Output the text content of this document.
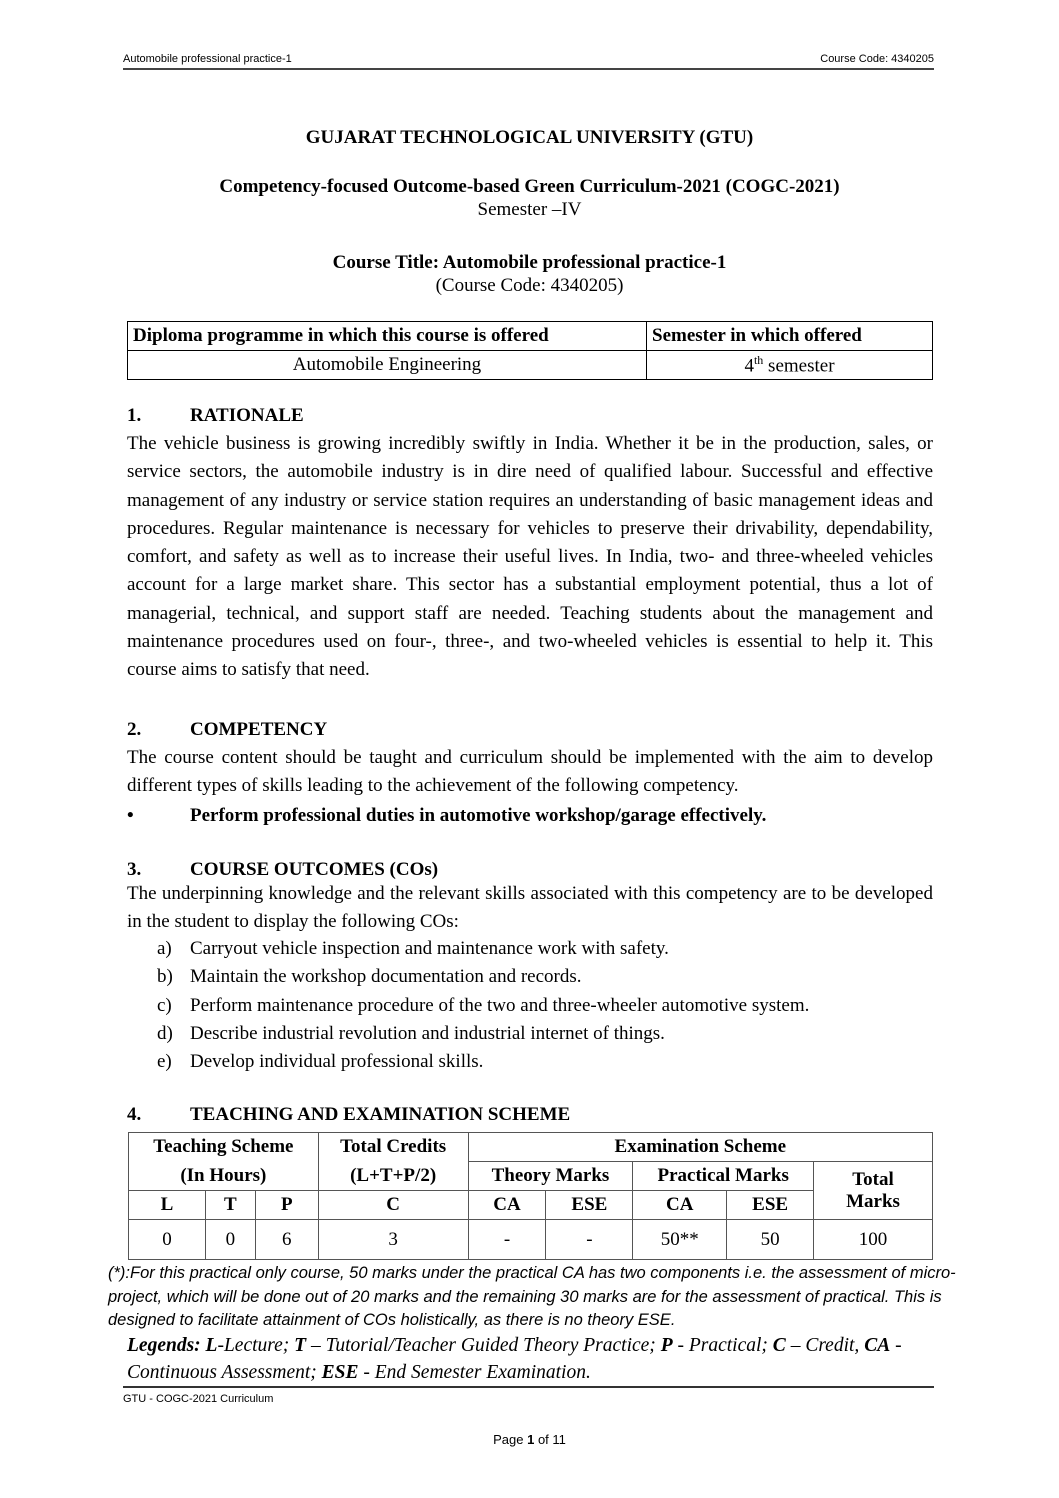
Automobile professional practice-1	Course Code: 4340205
GUJARAT TECHNOLOGICAL UNIVERSITY (GTU)
Competency-focused Outcome-based Green Curriculum-2021 (COGC-2021)
Semester –IV
Course Title: Automobile professional practice-1
(Course Code: 4340205)
Diploma programme in which this course is offered	Semester in which offered
Automobile Engineering	4th semester
1.	RATIONALE
The vehicle business is growing incredibly swiftly in India. Whether it be in the production, sales, or service sectors, the automobile industry is in dire need of qualified labour. Successful and effective management of any industry or service station requires an understanding of basic management ideas and procedures. Regular maintenance is necessary for vehicles to preserve their drivability, dependability, comfort, and safety as well as to increase their useful lives. In India, two- and three-wheeled vehicles account for a large market share. This sector has a substantial employment potential, thus a lot of managerial, technical, and support staff are needed. Teaching students about the management and maintenance procedures used on four-, three-, and two-wheeled vehicles is essential to help it. This course aims to satisfy that need.
2.	COMPETENCY
The course content should be taught and curriculum should be implemented with the aim to develop different types of skills leading to the achievement of the following competency.
•	Perform professional duties in automotive workshop/garage effectively.
3.	COURSE OUTCOMES (COs)
The underpinning knowledge and the relevant skills associated with this competency are to be developed in the student to display the following COs:
a) Carryout vehicle inspection and maintenance work with safety.
b) Maintain the workshop documentation and records.
c) Perform maintenance procedure of the two and three-wheeler automotive system.
d) Describe industrial revolution and industrial internet of things.
e) Develop individual professional skills.
4.	TEACHING AND EXAMINATION SCHEME
Teaching Scheme			Total Credits	Examination Scheme				
(In Hours)			(L+T+P/2)	Theory Marks		Practical Marks		Total
Marks
L	T	P	C	CA	ESE	CA	ESE	
0	0	6	3	-	-	50**	50	100
(*):For this practical only course, 50 marks under the practical CA has two components i.e. the assessment of micro-project, which will be done out of 20 marks and the remaining 30 marks are for the assessment of practical. This is designed to facilitate attainment of COs holistically, as there is no theory ESE.
Legends: L-Lecture; T – Tutorial/Teacher Guided Theory Practice; P - Practical; C – Credit, CA - Continuous Assessment; ESE - End Semester Examination.
GTU - COGC-2021 Curriculum
Page 1 of 11
